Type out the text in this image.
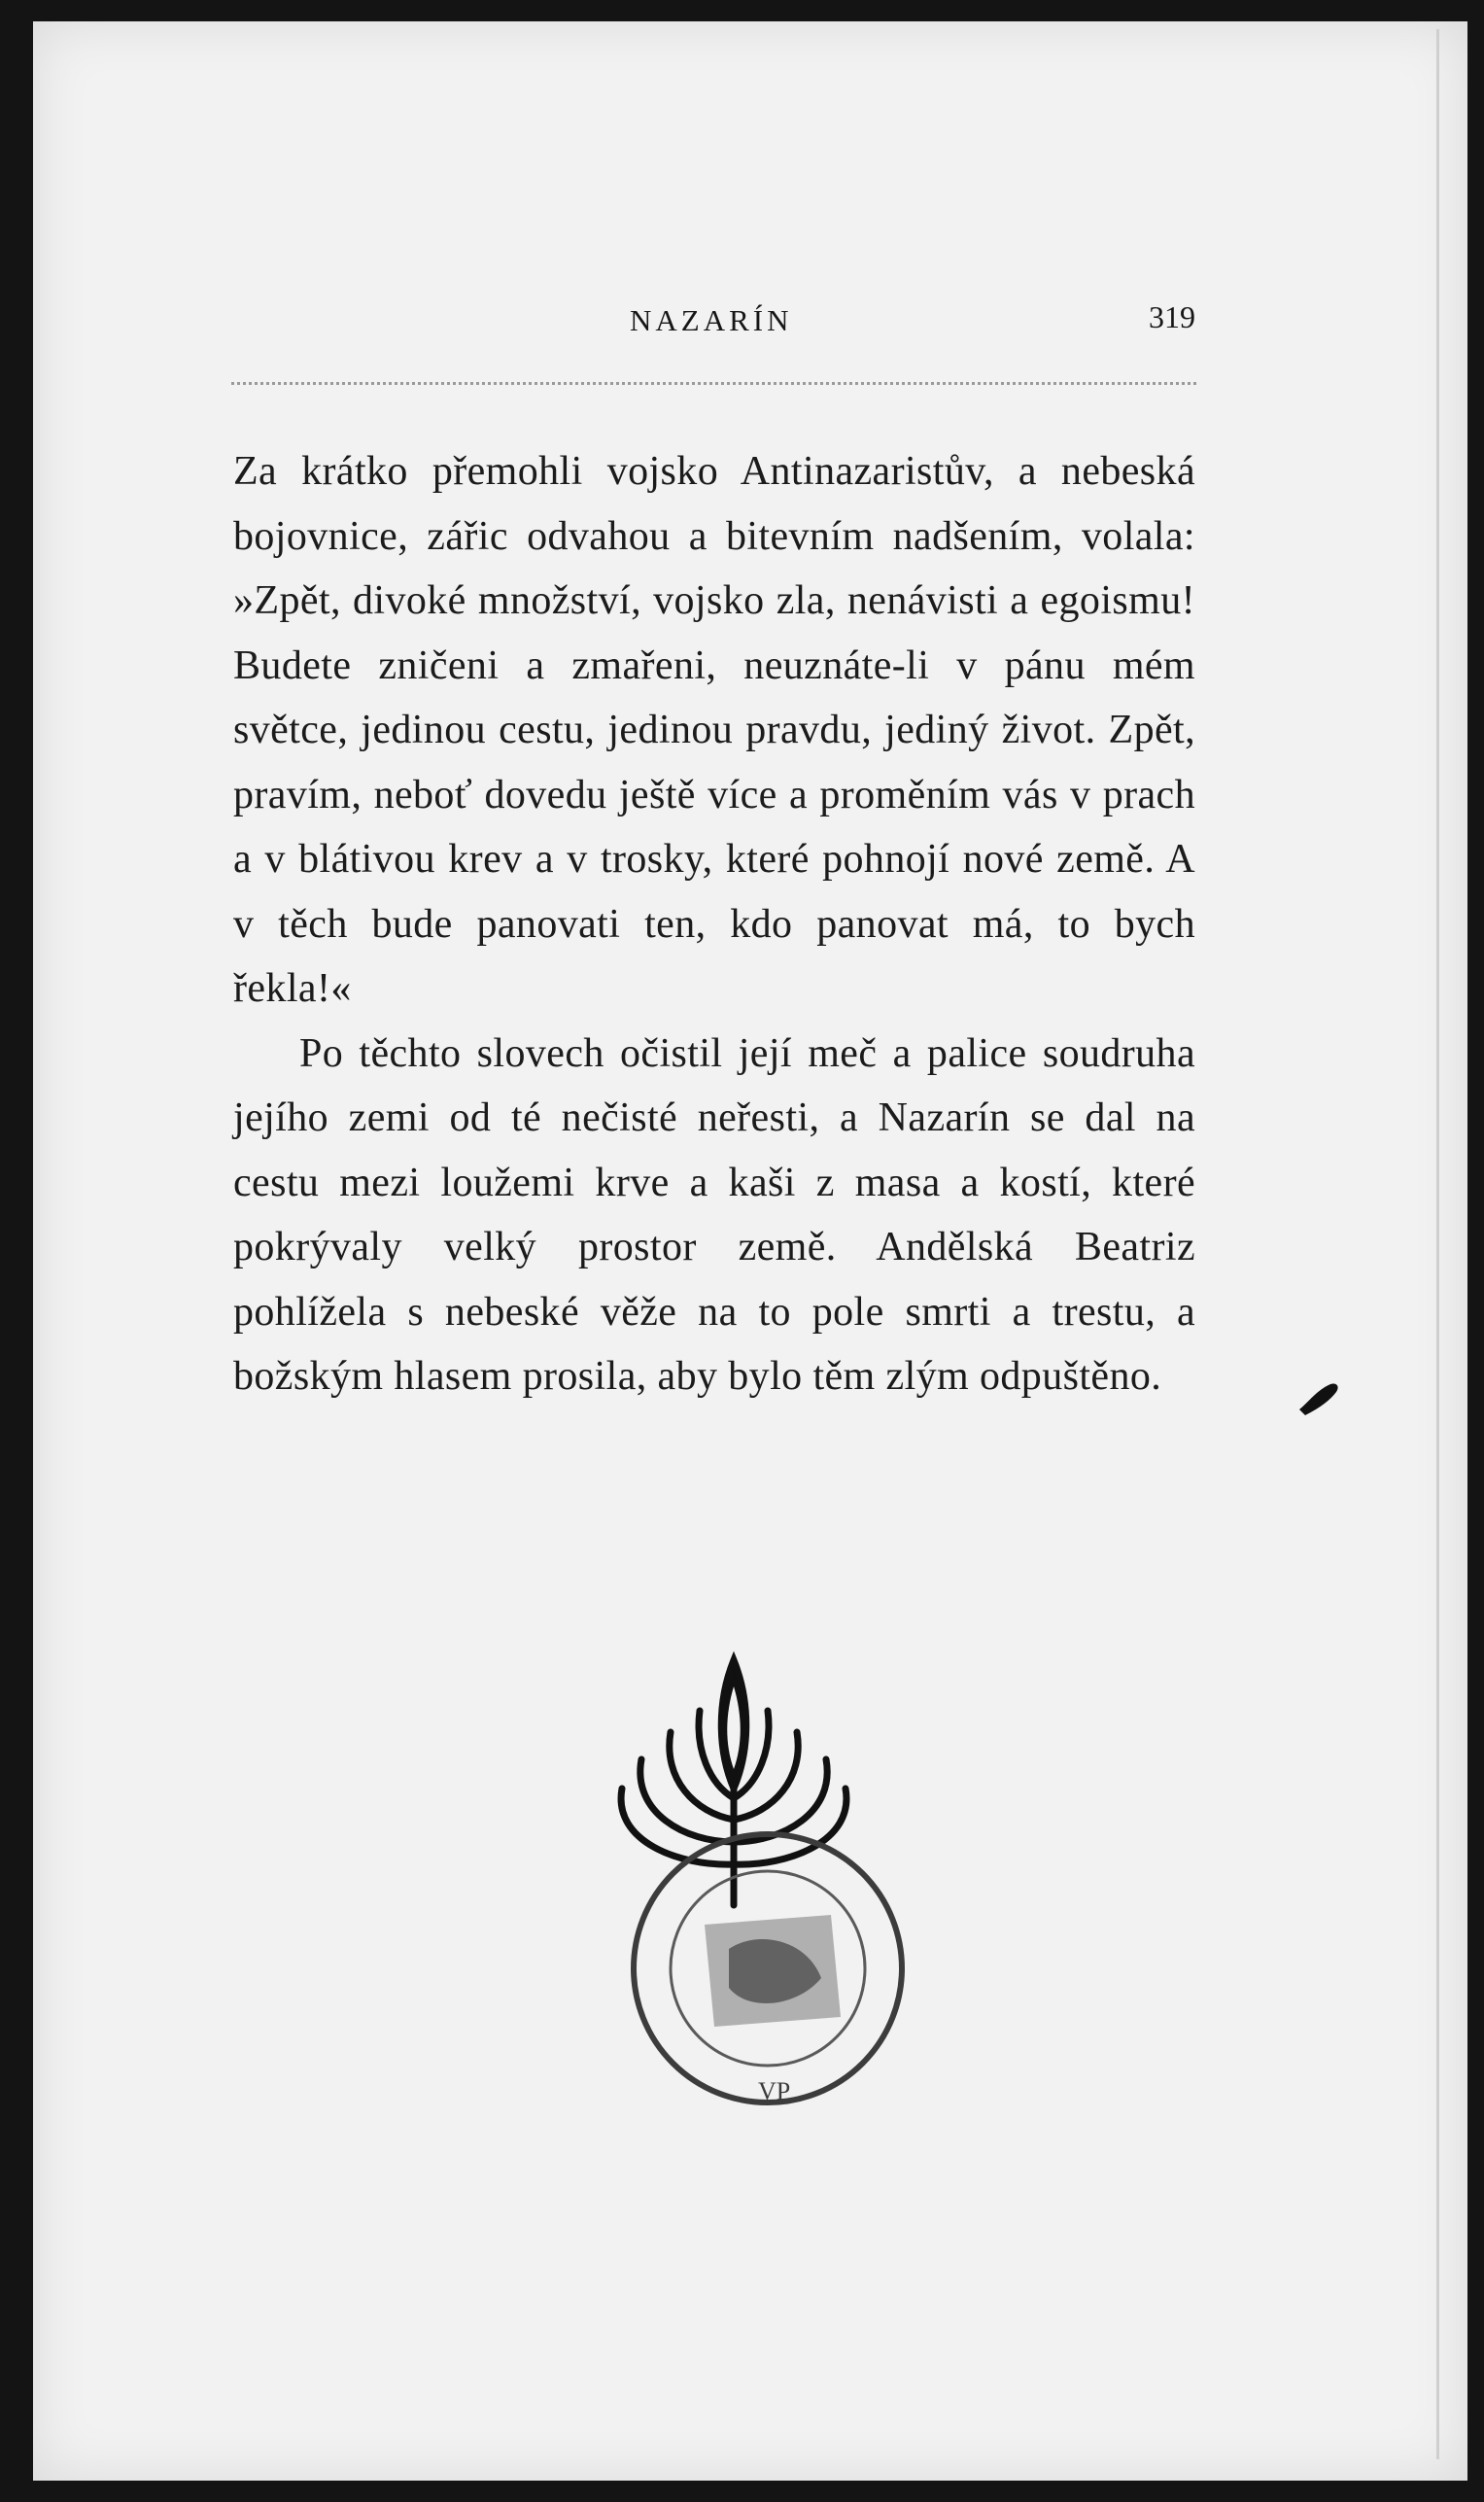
NAZARÍN	319

Za krátko přemohli vojsko Antinazaristův, a nebeská bojovnice, zářic odvahou a bitevním nadšením, volala: »Zpět, divoké množství, vojsko zla, nenávisti a egoismu! Budete zničeni a zmařeni, neuznáte-li v pánu mém světce, jedinou cestu, jedinou pravdu, jediný život. Zpět, pravím, neboť dovedu ještě více a proměním vás v prach a v blátivou krev a v trosky, které pohnojí nové země. A v těch bude panovati ten, kdo panovat má, to bych řekla!«

Po těchto slovech očistil její meč a palice soudruha jejího zemi od té nečisté neřesti, a Nazarín se dal na cestu mezi loužemi krve a kaši z masa a kostí, které pokrývaly velký prostor země. Andělská Beatriz pohlížela s nebeské věže na to pole smrti a trestu, a božským hlasem prosila, aby bylo těm zlým odpuštěno.

VP
